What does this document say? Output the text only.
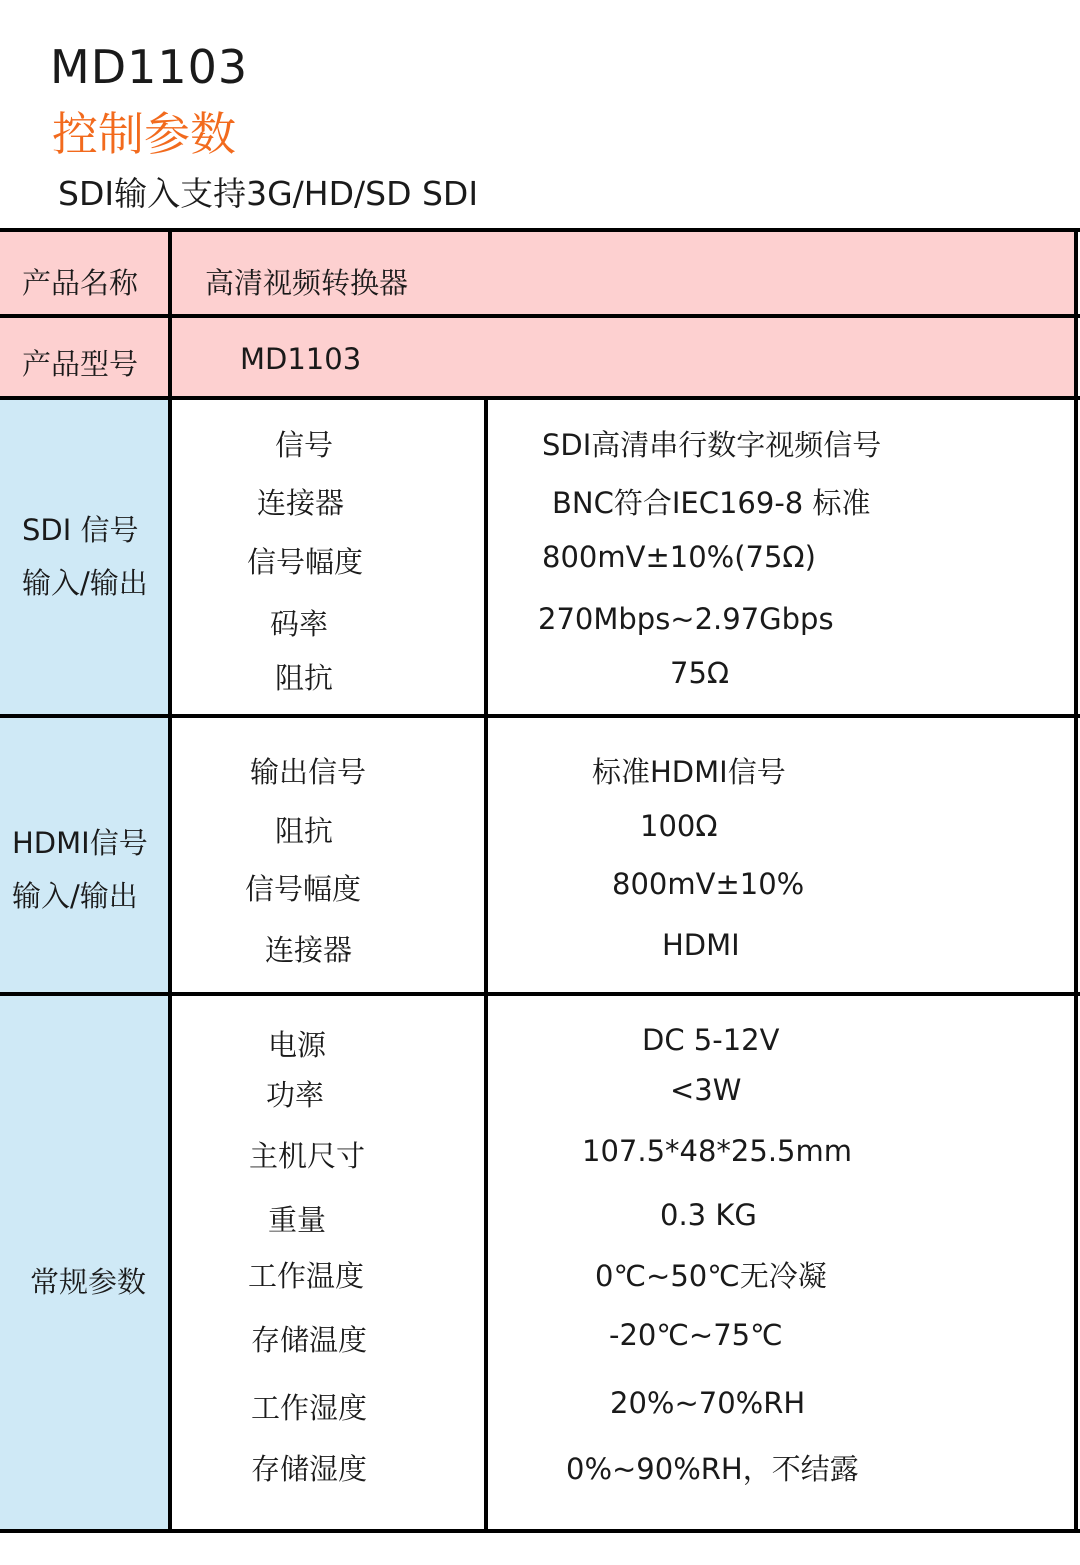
MD1103
控制参数
SDI输入支持3G/HD/SD SDI
产品名称 高清视频转换器
产品型号	MD1103
SDI 信号
输入/输出
信号	SDI高清串行数字视频信号
连接器	BNC符合IEC169-8 标准
信号幅度	800mV±10%(75Ω)
码率	270Mbps~2.97Gbps
阻抗	75Ω
HDMI信号
输入/输出
输出信号	标准HDMI信号
阻抗	100Ω
信号幅度	800mV±10%
连接器	HDMI
常规参数
电源	DC 5-12V
功率	<3W
主机尺寸	107.5*48*25.5mm
重量	0.3 KG
工作温度	0℃~50℃无冷凝
存储温度	-20℃~75℃
工作湿度	20%~70%RH
存储湿度	0%~90%RH，不结露
